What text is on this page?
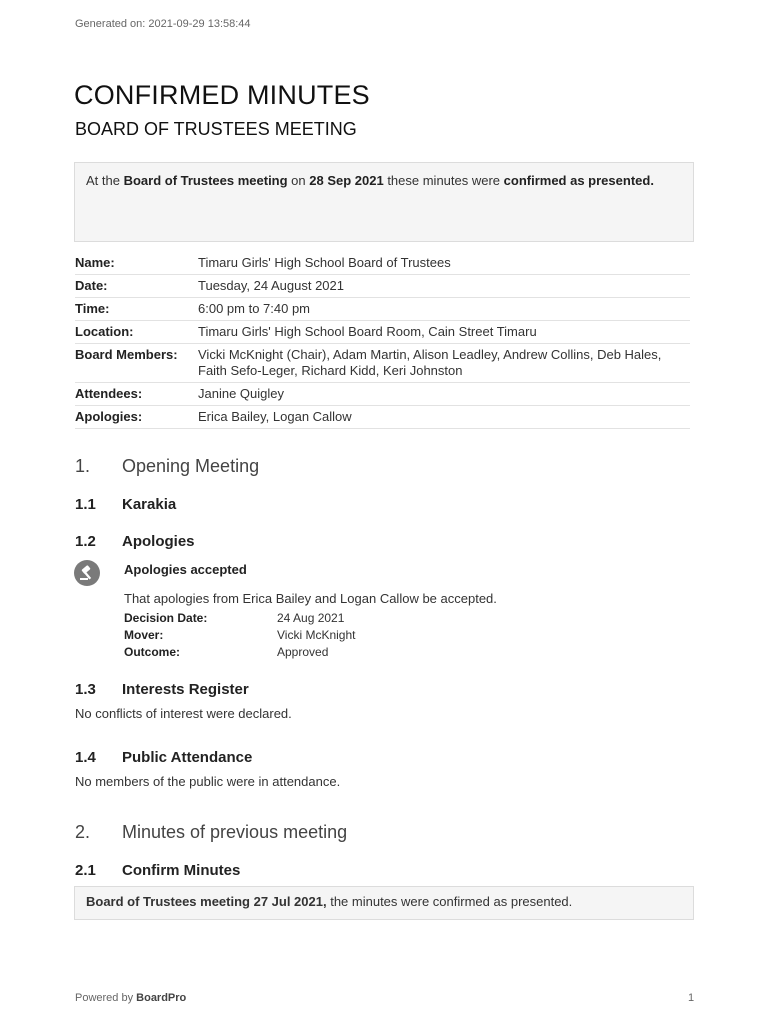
Generated on: 2021-09-29 13:58:44
CONFIRMED MINUTES
BOARD OF TRUSTEES MEETING
At the Board of Trustees meeting on 28 Sep 2021 these minutes were confirmed as presented.
Name:	Timaru Girls' High School Board of Trustees
Date:	Tuesday, 24 August 2021
Time:	6:00 pm to 7:40 pm
Location:	Timaru Girls' High School Board Room, Cain Street Timaru
Board Members:	Vicki McKnight (Chair), Adam Martin, Alison Leadley, Andrew Collins, Deb Hales, Faith Sefo-Leger, Richard Kidd, Keri Johnston
Attendees:	Janine Quigley
Apologies:	Erica Bailey, Logan Callow
1. Opening Meeting
1.1 Karakia
1.2 Apologies
Apologies accepted
That apologies from Erica Bailey and Logan Callow be accepted.
Decision Date:	24 Aug 2021
Mover:	Vicki McKnight
Outcome:	Approved
1.3 Interests Register
No conflicts of interest were declared.
1.4 Public Attendance
No members of the public were in attendance.
2. Minutes of previous meeting
2.1 Confirm Minutes
Board of Trustees meeting 27 Jul 2021, the minutes were confirmed as presented.
Powered by BoardPro	1
